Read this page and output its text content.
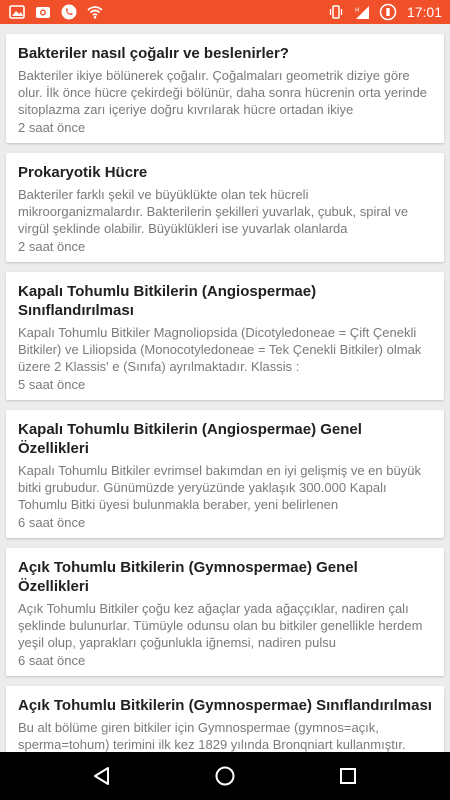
H	17:01
Bakteriler nasıl çoğalır ve beslenirler?
Bakteriler ikiye bölünerek çoğalır. Çoğalmaları geometrik diziye göre olur. İlk önce hücre çekirdeği bölünür, daha sonra hücrenin orta yerinde sitoplazma zarı içeriye doğru kıvrılarak hücre ortadan ikiye
2 saat önce
Prokaryotik Hücre
Bakteriler farklı şekil ve büyüklükte olan tek hücreli mikroorganizmalardır. Bakterilerin şekilleri yuvarlak, çubuk, spiral ve virgül şeklinde olabilir. Büyüklükleri ise yuvarlak olanlarda
2 saat önce
Kapalı Tohumlu Bitkilerin (Angiospermae) Sınıflandırılması
Kapalı Tohumlu Bitkiler Magnoliopsida (Dicotyledoneae = Çift Çenekli Bitkiler) ve Liliopsida (Monocotyledoneae = Tek Çenekli Bitkiler) olmak üzere 2 Klassis' e (Sınıfa) ayrılmaktadır. Klassis :
5 saat önce
Kapalı Tohumlu Bitkilerin (Angiospermae) Genel Özellikleri
Kapalı Tohumlu Bitkiler evrimsel bakımdan en iyi gelişmiş ve en büyük bitki grubudur. Günümüzde yeryüzünde yaklaşık 300.000 Kapalı Tohumlu Bitki üyesi bulunmakla beraber, yeni belirlenen
6 saat önce
Açık Tohumlu Bitkilerin (Gymnospermae) Genel Özellikleri
Açık Tohumlu Bitkiler çoğu kez ağaçlar yada ağaççıklar, nadiren çalı şeklinde bulunurlar. Tümüyle odunsu olan bu bitkiler genellikle herdem yeşil olup, yaprakları çoğunlukla iğnemsi, nadiren pulsu
6 saat önce
Açık Tohumlu Bitkilerin (Gymnospermae) Sınıflandırılması
Bu alt bölüme giren bitkiler için Gymnospermae (gymnos=açık, sperma=tohum) terimini ilk kez 1829 yılında Bronqniart kullanmıştır.
